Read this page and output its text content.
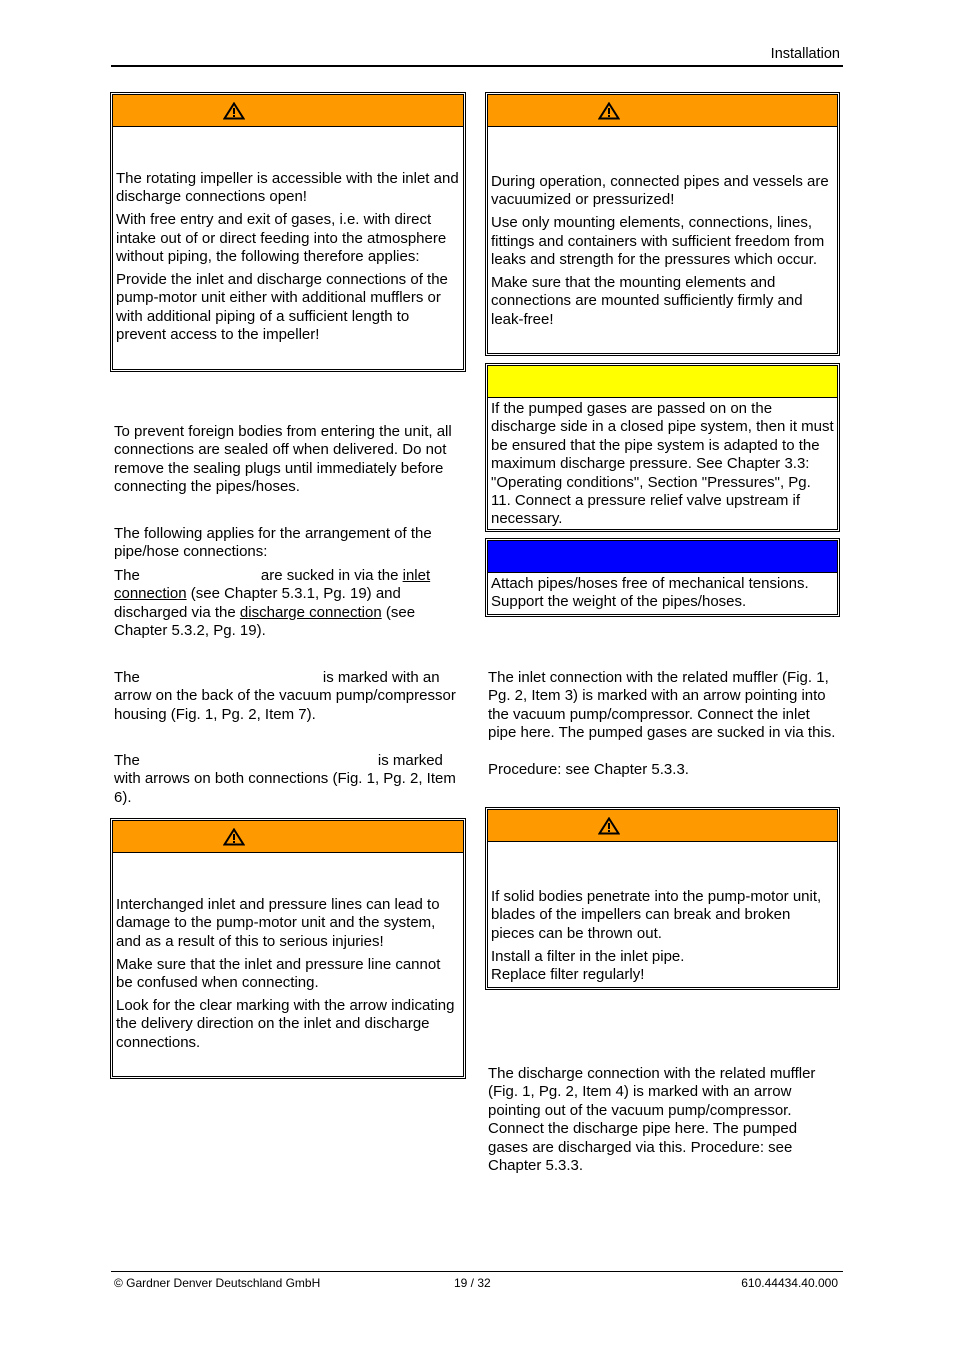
Installation

The rotating impeller is accessible with the inlet and discharge connections open!

With free entry and exit of gases, i.e. with direct intake out of or direct feeding into the atmosphere without piping, the following therefore applies:

Provide the inlet and discharge connections of the pump-motor unit either with additional mufflers or with additional piping of a sufficient length to prevent access to the impeller!

To prevent foreign bodies from entering the unit, all connections are sealed off when delivered. Do not remove the sealing plugs until immediately before connecting the pipes/hoses.
The following applies for the arrangement of the pipe/hose connections:
The	are sucked in via the inlet connection (see Chapter 5.3.1, Pg. 19) and discharged via the discharge connection (see Chapter 5.3.2, Pg. 19).
The	is marked with an arrow on the back of the vacuum pump/compressor housing (Fig. 1, Pg. 2, Item 7).
The	is marked with arrows on both connections (Fig. 1, Pg. 2, Item 6).

Interchanged inlet and pressure lines can lead to damage to the pump-motor unit and the system, and as a result of this to serious injuries!

Make sure that the inlet and pressure line cannot be confused when connecting.

Look for the clear marking with the arrow indicating the delivery direction on the inlet and discharge connections.

During operation, connected pipes and vessels are vacuumized or pressurized!

Use only mounting elements, connections, lines, fittings and containers with sufficient freedom from leaks and strength for the pressures which occur.

Make sure that the mounting elements and connections are mounted sufficiently firmly and leak-free!

If the pumped gases are passed on on the discharge side in a closed pipe system, then it must be ensured that the pipe system is adapted to the maximum discharge pressure. See Chapter 3.3: "Operating conditions", Section "Pressures", Pg. 11. Connect a pressure relief valve upstream if necessary.

Attach pipes/hoses free of mechanical tensions. Support the weight of the pipes/hoses.

The inlet connection with the related muffler (Fig. 1, Pg. 2, Item 3) is marked with an arrow pointing into the vacuum pump/compressor. Connect the inlet pipe here. The pumped gases are sucked in via this.
Procedure: see Chapter 5.3.3.

If solid bodies penetrate into the pump-motor unit, blades of the impellers can break and broken pieces can be thrown out.

Install a filter in the inlet pipe.

Replace filter regularly!

The discharge connection with the related muffler (Fig. 1, Pg. 2, Item 4) is marked with an arrow pointing out of the vacuum pump/compressor. Connect the discharge pipe here. The pumped gases are discharged via this. Procedure: see Chapter 5.3.3.
© Gardner Denver Deutschland GmbH	19 / 32	610.44434.40.000
